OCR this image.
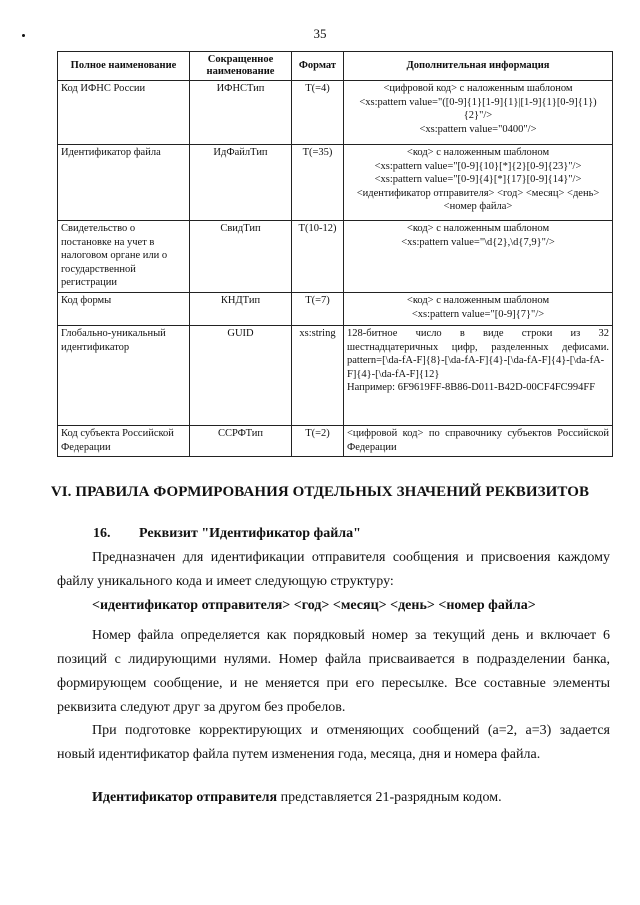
35
Полное наименование	Сокращенное наименование	Формат	Дополнительная информация
Код ИФНС России	ИФНСТип	T(=4)	<цифровой код> с наложенным шаблоном
<xs:pattern value="([0-9]{1}[1-9]{1}|[1-9]{1}[0-9]{1}){2}"/>
<xs:pattern value="0400"/>

Идентификатор файла	ИдФайлТип	T(=35)	<код> с наложенным шаблоном
<xs:pattern value="[0-9]{10}[*]{2}[0-9]{23}"/>
<xs:pattern value="[0-9]{4}[*]{17}[0-9]{14}"/>
<идентификатор отправителя> <год> <месяц> <день> <номер файла>

Свидетельство о постановке на учет в налоговом органе или о государственной регистрации	СвидТип	T(10-12)	<код> с наложенным шаблоном
<xs:pattern value="\d{2},\d{7,9}"/>

Код формы	КНДТип	T(=7)	<код> с наложенным шаблоном
<xs:pattern value="[0-9]{7}"/>

Глобально-уникальный идентификатор	GUID	xs:string	128-битное число в виде строки из 32 шестнадцатеричных цифр, разделенных дефисами.
pattern=[\da-fA-F]{8}-[\da-fA-F]{4}-[\da-fA-F]{4}-[\da-fA-F]{4}-[\da-fA-F]{12}
Например: 6F9619FF-8B86-D011-B42D-00CF4FC994FF

Код субъекта Российской Федерации	ССРФТип	T(=2)	<цифровой код> по справочнику субъектов Российской Федерации
VI. ПРАВИЛА ФОРМИРОВАНИЯ ОТДЕЛЬНЫХ ЗНАЧЕНИЙ РЕКВИЗИТОВ
16. Реквизит "Идентификатор файла"

Предназначен для идентификации отправителя сообщения и присвоения каждому файлу уникального кода и имеет следующую структуру:

<идентификатор отправителя> <год> <месяц> <день> <номер файла>

Номер файла определяется как порядковый номер за текущий день и включает 6 позиций с лидирующими нулями. Номер файла присваивается в подразделении банка, формирующем сообщение, и не меняется при его пересылке. Все составные элементы реквизита следуют друг за другом без пробелов.

При подготовке корректирующих и отменяющих сообщений (а=2, а=3) задается новый идентификатор файла путем изменения года, месяца, дня и номера файла.

Идентификатор отправителя представляется 21-разрядным кодом.
